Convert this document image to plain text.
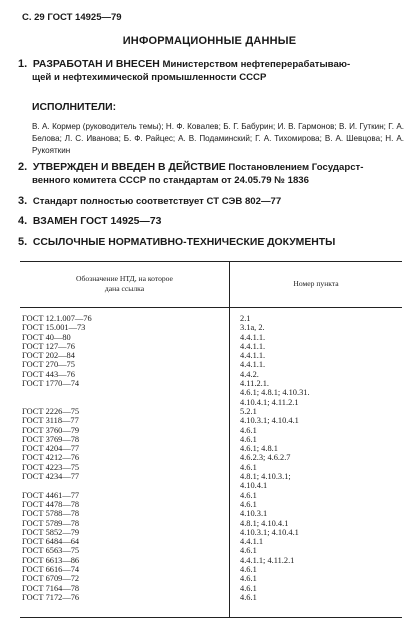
С. 29 ГОСТ 14925—79
ИНФОРМАЦИОННЫЕ ДАННЫЕ
1. РАЗРАБОТАН И ВНЕСЕН Министерством нефтеперерабатываю-
щей и нефтехимической промышленности СССР
ИСПОЛНИТЕЛИ:
В. А. Кормер (руководитель темы); Н. Ф. Ковалев; Б. Г. Бабурин; И. В. Гармонов; В. И. Гуткин; Г. А. Белова; Л. С. Иванова; Б. Ф. Райцес; А. В. Подаминский; Г. А. Тихомирова; В. А. Шевцова; Н. А. Рукояткин
2. УТВЕРЖДЕН И ВВЕДЕН В ДЕЙСТВИЕ Постановлением Государст-
венного комитета СССР по стандартам от 24.05.79 № 1836
3. Стандарт полностью соответствует СТ СЭВ 802—77
4. ВЗАМЕН ГОСТ 14925—73
5. ССЫЛОЧНЫЕ НОРМАТИВНО-ТЕХНИЧЕСКИЕ ДОКУМЕНТЫ
Обозначение НТД, на которое
дана ссылка
Номер пункта
ГОСТ 12.1.007—76	2.1
ГОСТ 15.001—73	3.1а, 2.
ГОСТ 40—80	4.4.1.1.
ГОСТ 127—76	4.4.1.1.
ГОСТ 202—84	4.4.1.1.
ГОСТ 270—75	4.4.1.1.
ГОСТ 443—76	4.4.2.
ГОСТ 1770—74	4.11.2.1.
4.6.1; 4.8.1; 4.10.31.
4.10.4.1; 4.11.2.1
ГОСТ 2226—75	5.2.1
ГОСТ 3118—77	4.10.3.1; 4.10.4.1
ГОСТ 3760—79	4.6.1
ГОСТ 3769—78	4.6.1
ГОСТ 4204—77	4.6.1; 4.8.1
ГОСТ 4212—76	4.6.2.3; 4.6.2.7
ГОСТ 4223—75	4.6.1
ГОСТ 4234—77	4.8.1; 4.10.3.1;
4.10.4.1
ГОСТ 4461—77	4.6.1
ГОСТ 4478—78	4.6.1
ГОСТ 5788—78	4.10.3.1
ГОСТ 5789—78	4.8.1; 4.10.4.1
ГОСТ 5852—79	4.10.3.1; 4.10.4.1
ГОСТ 6484—64	4.4.1.1
ГОСТ 6563—75	4.6.1
ГОСТ 6613—86	4.4.1.1; 4.11.2.1
ГОСТ 6616—74	4.6.1
ГОСТ 6709—72	4.6.1
ГОСТ 7164—78	4.6.1
ГОСТ 7172—76	4.6.1
